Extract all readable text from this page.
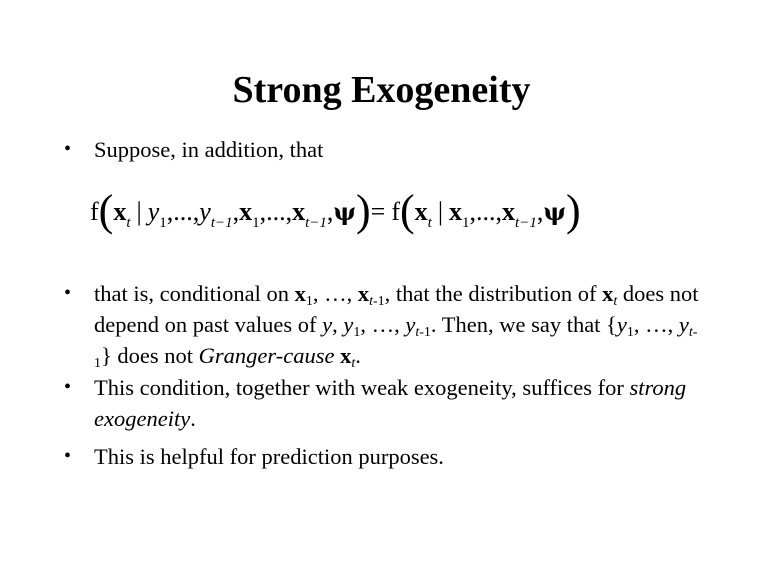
Strong Exogeneity
• Suppose, in addition, that
f(xt | y1,...,yt−1,x1,...,xt−1,ψ)= f(xt | x1,...,xt−1,ψ)
• that is, conditional on $x_1$, …, $x_{t-1}$, that the distribution of $x_t$ does not depend on past values of y, $y_1$, …, $y_{t-1}$. Then, we say that {$y_1$, …, $y_{t-1}$} does not Granger-cause $x_t$.
• This condition, together with weak exogeneity, suffices for strong exogeneity.
• This is helpful for prediction purposes.
